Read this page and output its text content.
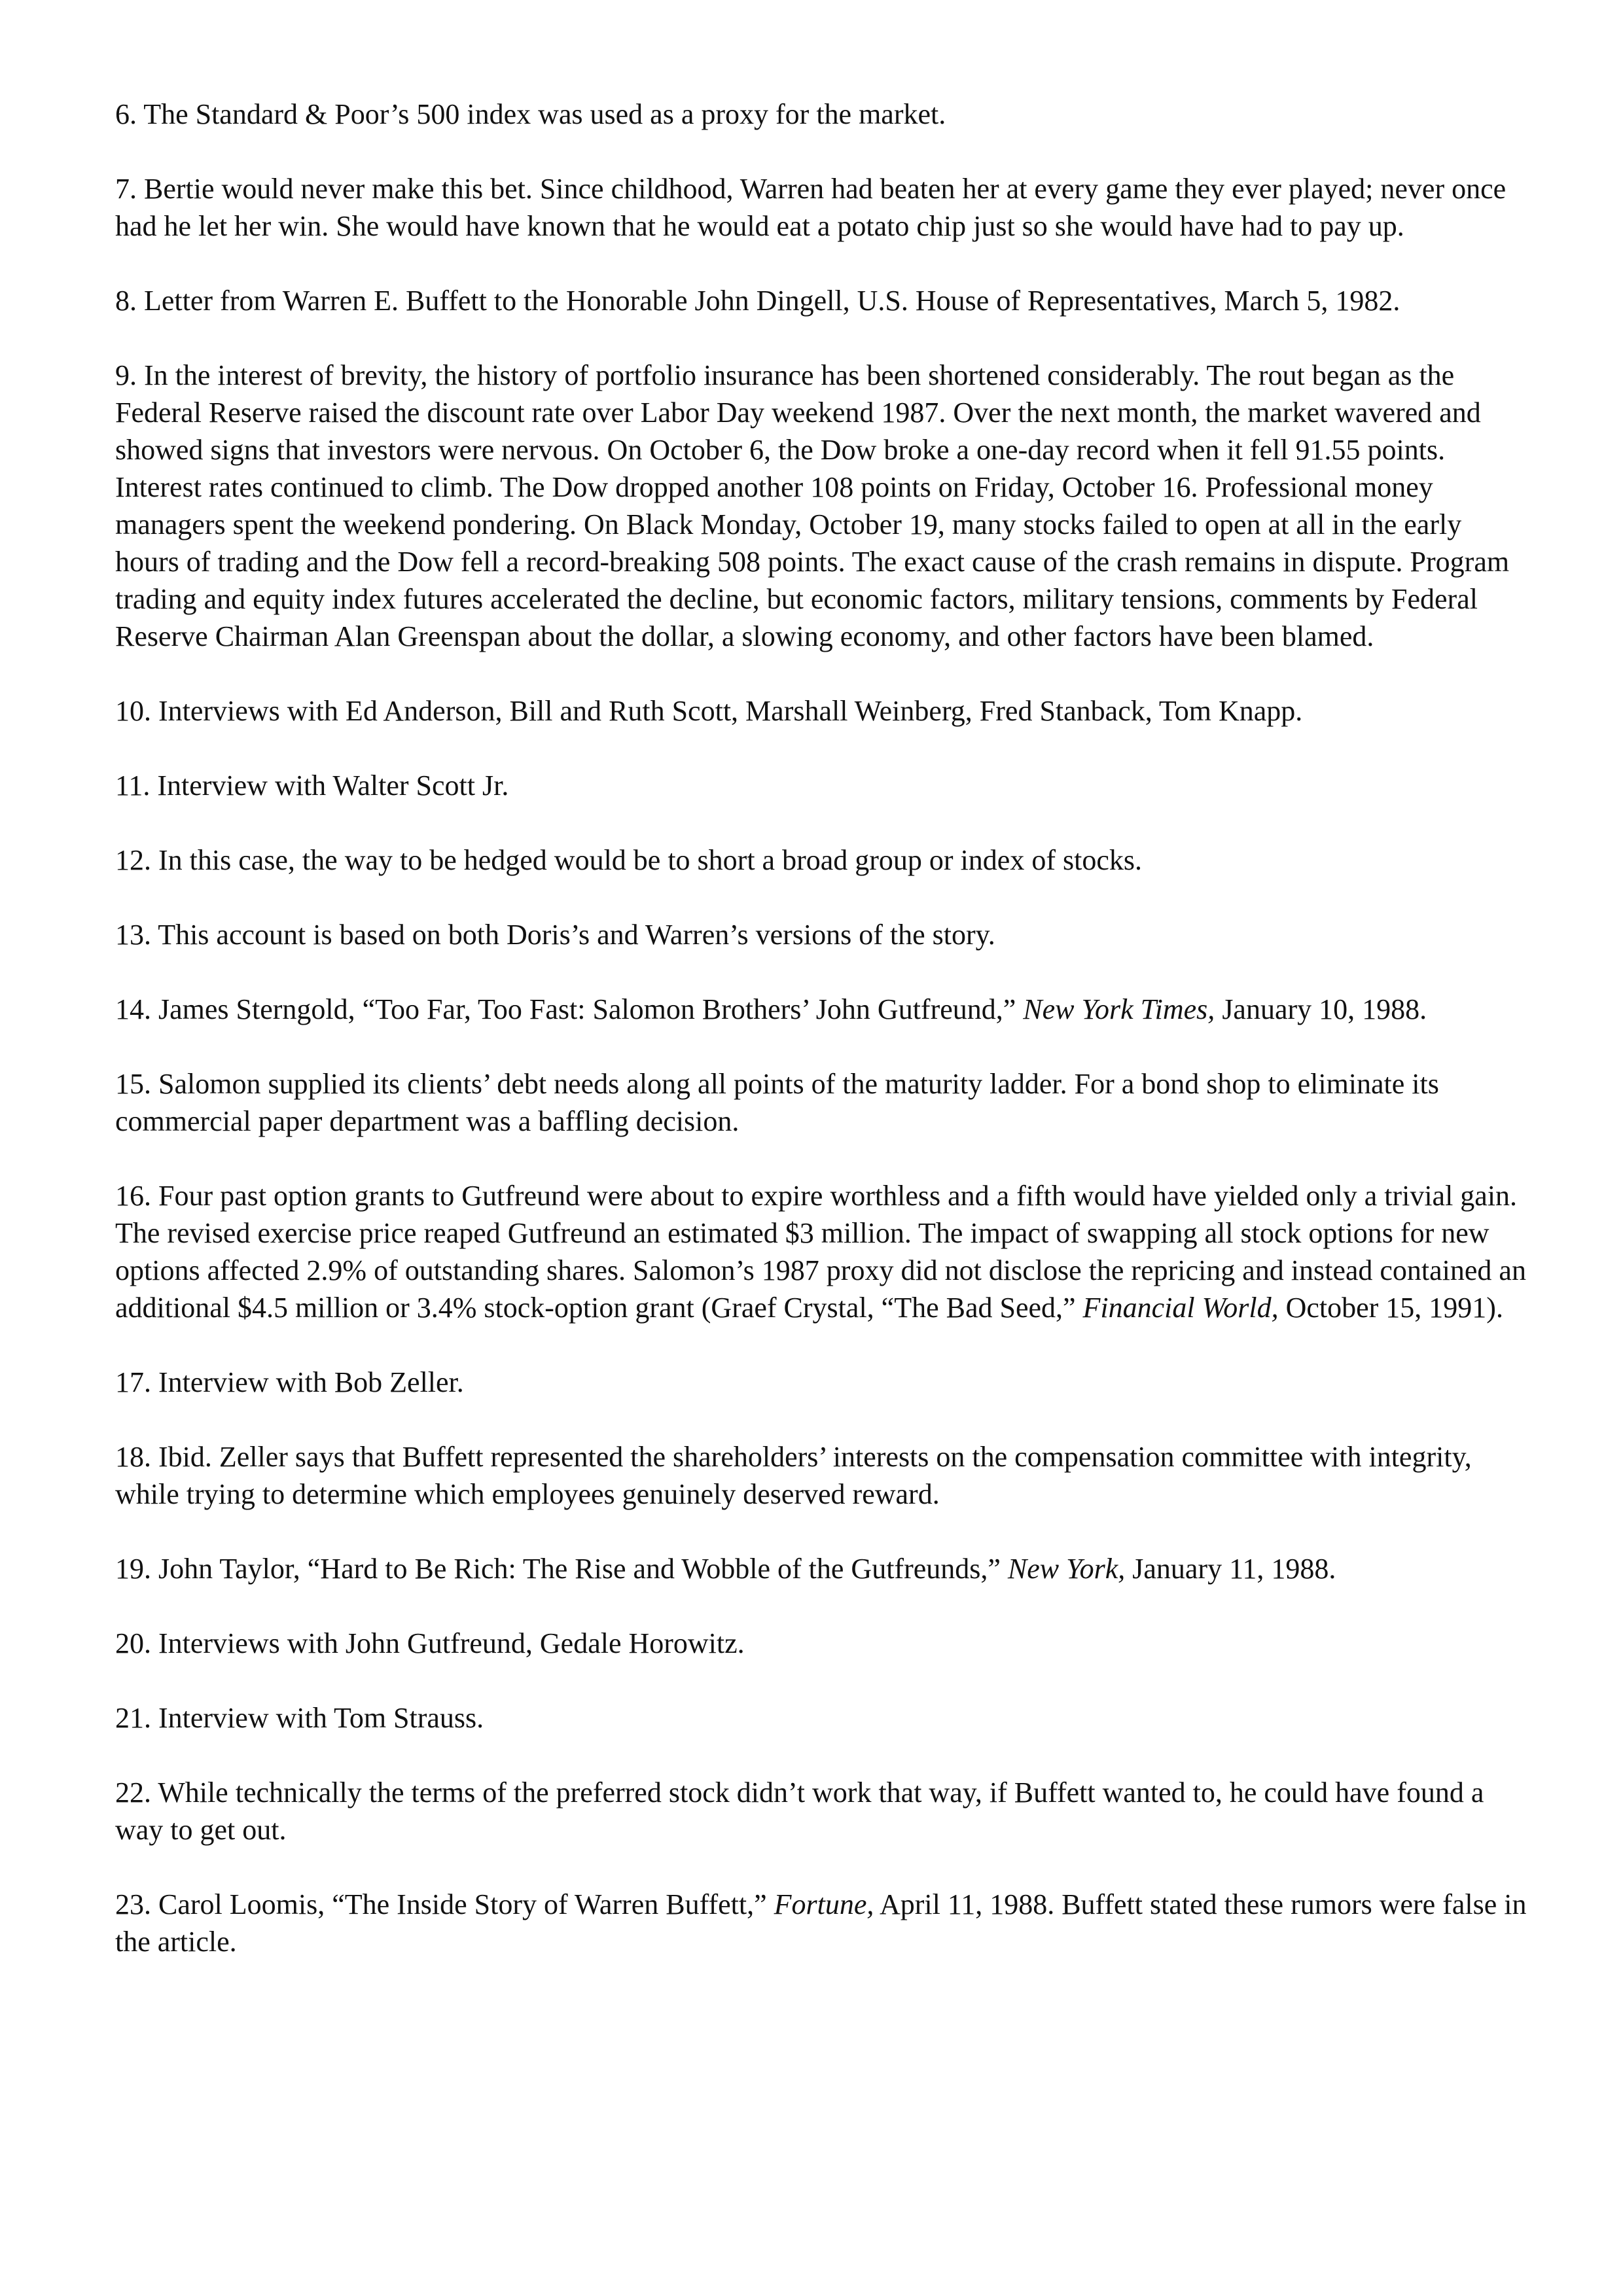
6. The Standard & Poor’s 500 index was used as a proxy for the market.

7. Bertie would never make this bet. Since childhood, Warren had beaten her at every game they ever played; never once had he let her win. She would have known that he would eat a potato chip just so she would have had to pay up.

8. Letter from Warren E. Buffett to the Honorable John Dingell, U.S. House of Representatives, March 5, 1982.

9. In the interest of brevity, the history of portfolio insurance has been shortened considerably. The rout began as the Federal Reserve raised the discount rate over Labor Day weekend 1987. Over the next month, the market wavered and showed signs that investors were nervous. On October 6, the Dow broke a one-day record when it fell 91.55 points. Interest rates continued to climb. The Dow dropped another 108 points on Friday, October 16. Professional money managers spent the weekend pondering. On Black Monday, October 19, many stocks failed to open at all in the early hours of trading and the Dow fell a record-breaking 508 points. The exact cause of the crash remains in dispute. Program trading and equity index futures accelerated the decline, but economic factors, military tensions, comments by Federal Reserve Chairman Alan Greenspan about the dollar, a slowing economy, and other factors have been blamed.

10. Interviews with Ed Anderson, Bill and Ruth Scott, Marshall Weinberg, Fred Stanback, Tom Knapp.

11. Interview with Walter Scott Jr.

12. In this case, the way to be hedged would be to short a broad group or index of stocks.

13. This account is based on both Doris’s and Warren’s versions of the story.

14. James Sterngold, “Too Far, Too Fast: Salomon Brothers’ John Gutfreund,” New York Times, January 10, 1988.

15. Salomon supplied its clients’ debt needs along all points of the maturity ladder. For a bond shop to eliminate its commercial paper department was a baffling decision.

16. Four past option grants to Gutfreund were about to expire worthless and a fifth would have yielded only a trivial gain. The revised exercise price reaped Gutfreund an estimated $3 million. The impact of swapping all stock options for new options affected 2.9% of outstanding shares. Salomon’s 1987 proxy did not disclose the repricing and instead contained an additional $4.5 million or 3.4% stock-option grant (Graef Crystal, “The Bad Seed,” Financial World, October 15, 1991).

17. Interview with Bob Zeller.

18. Ibid. Zeller says that Buffett represented the shareholders’ interests on the compensation committee with integrity, while trying to determine which employees genuinely deserved reward.

19. John Taylor, “Hard to Be Rich: The Rise and Wobble of the Gutfreunds,” New York, January 11, 1988.

20. Interviews with John Gutfreund, Gedale Horowitz.

21. Interview with Tom Strauss.

22. While technically the terms of the preferred stock didn’t work that way, if Buffett wanted to, he could have found a way to get out.

23. Carol Loomis, “The Inside Story of Warren Buffett,” Fortune, April 11, 1988. Buffett stated these rumors were false in the article.
